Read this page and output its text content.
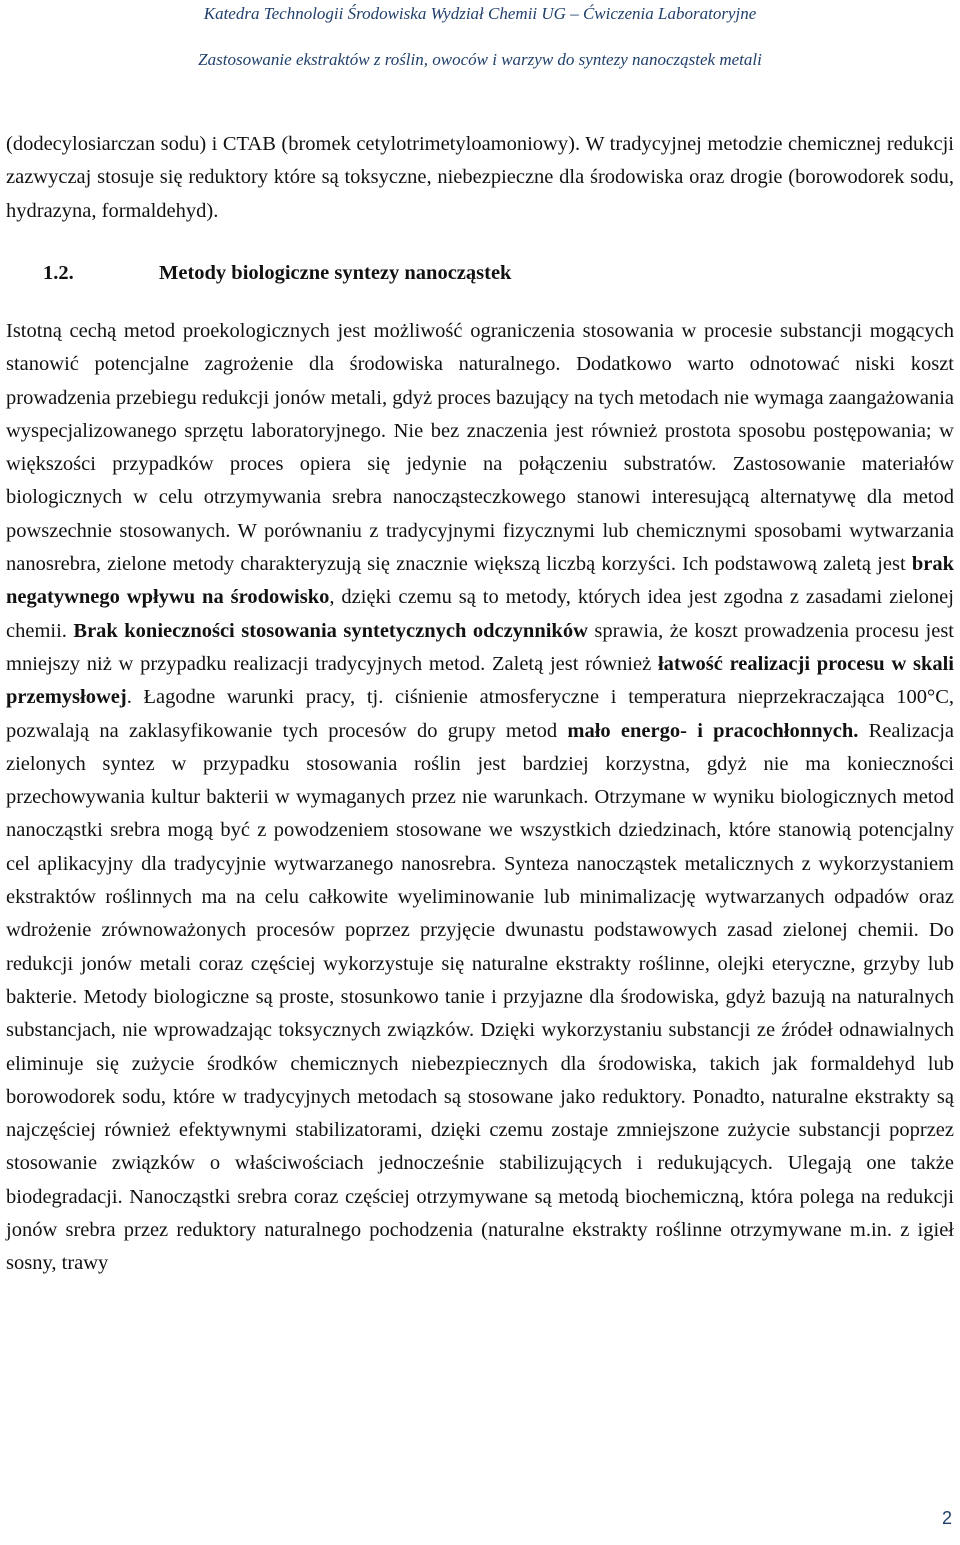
Katedra Technologii Środowiska Wydział Chemii UG – Ćwiczenia Laboratoryjne
Zastosowanie ekstraktów z roślin, owoców i warzyw do syntezy nanocząstek metali

(dodecylosiarczan sodu) i CTAB (bromek cetylotrimetyloamoniowy). W tradycyjnej metodzie chemicznej redukcji zazwyczaj stosuje się reduktory które są toksyczne, niebezpieczne dla środowiska oraz drogie (borowodorek sodu, hydrazyna, formaldehyd).

1.2.	Metody biologiczne syntezy nanocząstek

Istotną cechą metod proekologicznych jest możliwość ograniczenia stosowania w procesie substancji mogących stanowić potencjalne zagrożenie dla środowiska naturalnego. Dodatkowo warto odnotować niski koszt prowadzenia przebiegu redukcji jonów metali, gdyż proces bazujący na tych metodach nie wymaga zaangażowania wyspecjalizowanego sprzętu laboratoryjnego. Nie bez znaczenia jest również prostota sposobu postępowania; w większości przypadków proces opiera się jedynie na połączeniu substratów. Zastosowanie materiałów biologicznych w celu otrzymywania srebra nanocząsteczkowego stanowi interesującą alternatywę dla metod powszechnie stosowanych. W porównaniu z tradycyjnymi fizycznymi lub chemicznymi sposobami wytwarzania nanosrebra, zielone metody charakteryzują się znacznie większą liczbą korzyści. Ich podstawową zaletą jest brak negatywnego wpływu na środowisko, dzięki czemu są to metody, których idea jest zgodna z zasadami zielonej chemii. Brak konieczności stosowania syntetycznych odczynników sprawia, że koszt prowadzenia procesu jest mniejszy niż w przypadku realizacji tradycyjnych metod. Zaletą jest również łatwość realizacji procesu w skali przemysłowej. Łagodne warunki pracy, tj. ciśnienie atmosferyczne i temperatura nieprzekraczająca 100°C, pozwalają na zaklasyfikowanie tych procesów do grupy metod mało energo- i pracochłonnych. Realizacja zielonych syntez w przypadku stosowania roślin jest bardziej korzystna, gdyż nie ma konieczności przechowywania kultur bakterii w wymaganych przez nie warunkach. Otrzymane w wyniku biologicznych metod nanocząstki srebra mogą być z powodzeniem stosowane we wszystkich dziedzinach, które stanowią potencjalny cel aplikacyjny dla tradycyjnie wytwarzanego nanosrebra. Synteza nanocząstek metalicznych z wykorzystaniem ekstraktów roślinnych ma na celu całkowite wyeliminowanie lub minimalizację wytwarzanych odpadów oraz wdrożenie zrównoważonych procesów poprzez przyjęcie dwunastu podstawowych zasad zielonej chemii. Do redukcji jonów metali coraz częściej wykorzystuje się naturalne ekstrakty roślinne, olejki eteryczne, grzyby lub bakterie. Metody biologiczne są proste, stosunkowo tanie i przyjazne dla środowiska, gdyż bazują na naturalnych substancjach, nie wprowadzając toksycznych związków. Dzięki wykorzystaniu substancji ze źródeł odnawialnych eliminuje się zużycie środków chemicznych niebezpiecznych dla środowiska, takich jak formaldehyd lub borowodorek sodu, które w tradycyjnych metodach są stosowane jako reduktory. Ponadto, naturalne ekstrakty są najczęściej również efektywnymi stabilizatorami, dzięki czemu zostaje zmniejszone zużycie substancji poprzez stosowanie związków o właściwościach jednocześnie stabilizujących i redukujących. Ulegają one także biodegradacji. Nanocząstki srebra coraz częściej otrzymywane są metodą biochemiczną, która polega na redukcji jonów srebra przez reduktory naturalnego pochodzenia (naturalne ekstrakty roślinne otrzymywane m.in. z igieł sosny, trawy

2
